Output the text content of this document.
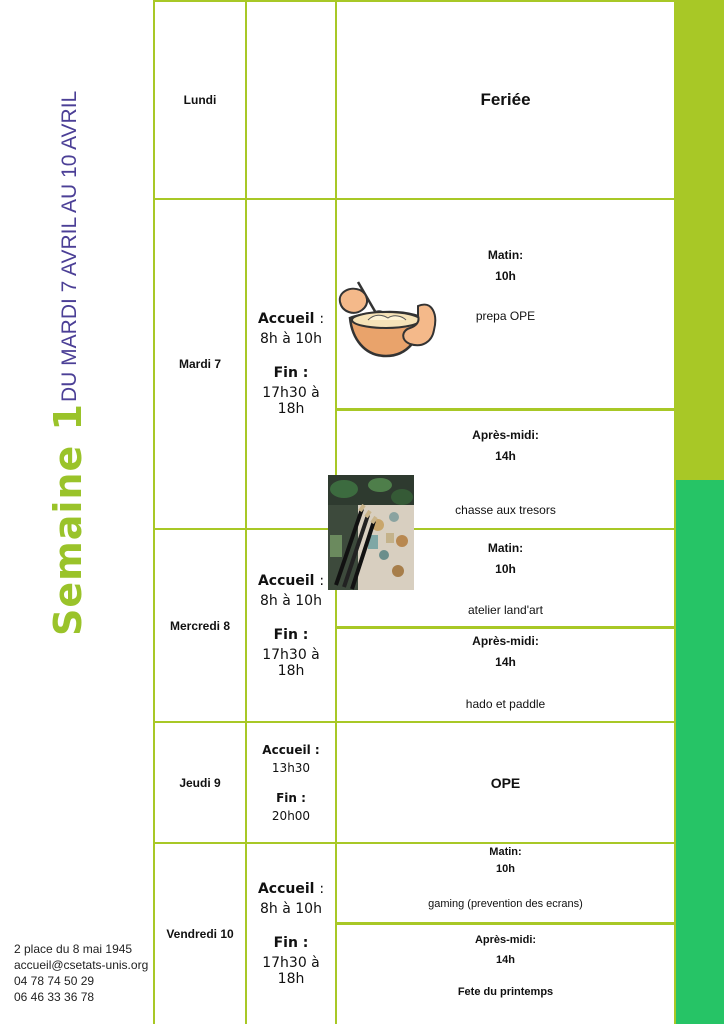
Semaine 1
DU MARDI 7 AVRIL AU 10 AVRIL
2 place du 8 mai 1945
accueil@csetats-unis.org
04 78 74 50 29
06 46 33 36 78
Lundi	Feriée
Mardi 7
Accueil :
8h à 10h
Fin :
17h30 à 18h
Matin:
10h
prepa OPE
Après-midi:
14h
chasse aux tresors
Mercredi 8
Accueil :
8h à 10h
Fin :
17h30 à 18h
Matin:
10h
atelier land'art
Après-midi:
14h
hado et paddle
Jeudi 9
Accueil :
13h30
Fin :
20h00
OPE
Vendredi 10
Accueil :
8h à 10h
Fin :
17h30 à 18h
Matin:
10h
gaming (prevention des ecrans)
Après-midi:
14h
Fete du printemps
